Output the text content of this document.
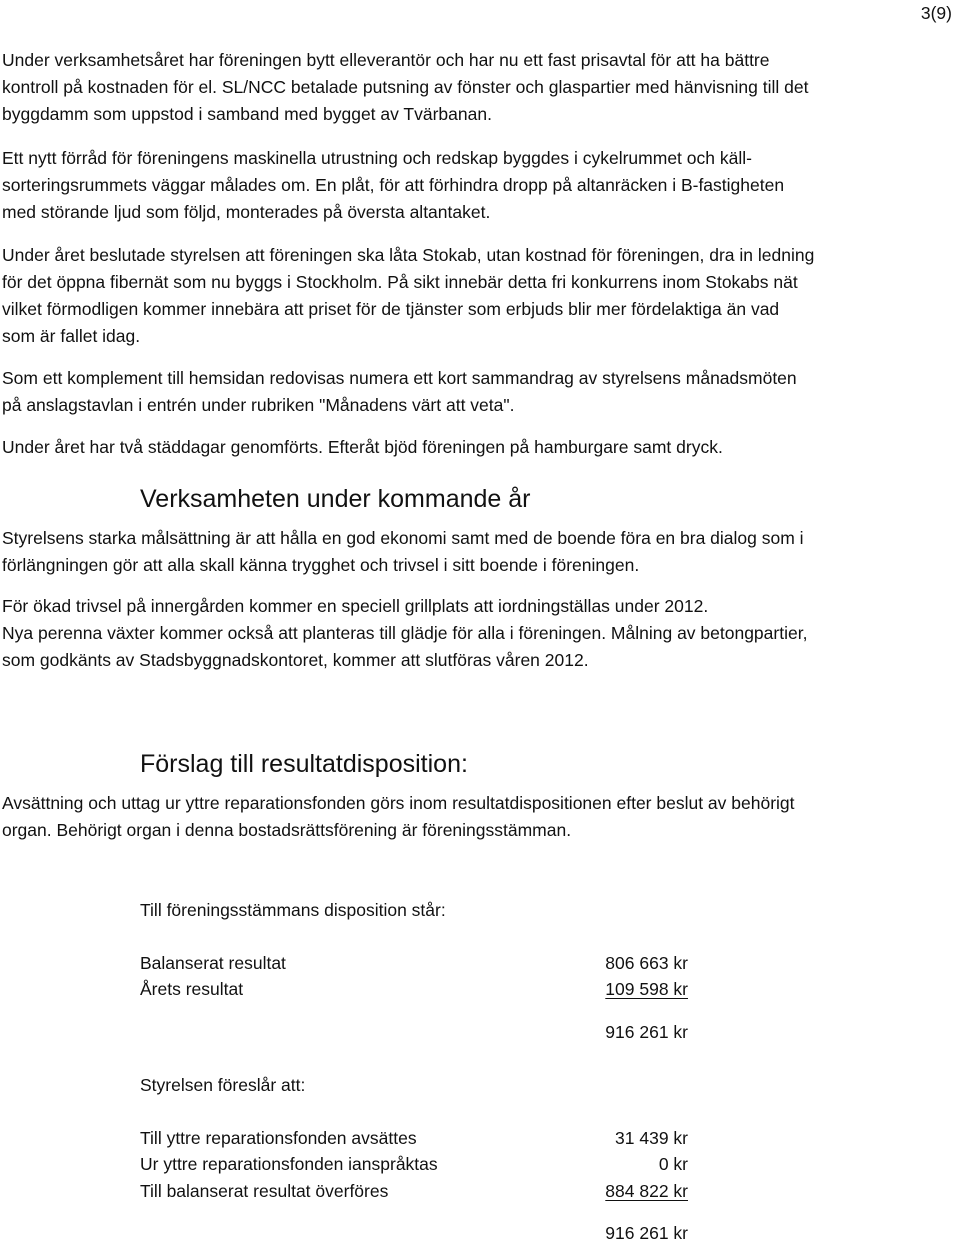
3(9)

Under verksamhetsåret har föreningen bytt elleverantör och har nu ett fast prisavtal för att ha bättre
kontroll på kostnaden för el. SL/NCC betalade putsning av fönster och glaspartier med hänvisning till det
byggdamm som uppstod i samband med bygget av Tvärbanan.

Ett nytt förråd för föreningens maskinella utrustning och redskap byggdes i cykelrummet och käll-
sorteringsrummets väggar målades om. En plåt, för att förhindra dropp på altanräcken i B-fastigheten
med störande ljud som följd, monterades på översta altantaket.

Under året beslutade styrelsen att föreningen ska låta Stokab, utan kostnad för föreningen, dra in ledning
för det öppna fibernät som nu byggs i Stockholm. På sikt innebär detta fri konkurrens inom Stokabs nät
vilket förmodligen kommer innebära att priset för de tjänster som erbjuds blir mer fördelaktiga än vad
som är fallet idag.

Som ett komplement till hemsidan redovisas numera ett kort sammandrag av styrelsens månadsmöten
på anslagstavlan i entrén under rubriken "Månadens värt att veta".

Under året har två städdagar genomförts. Efteråt bjöd föreningen på hamburgare samt dryck.

Verksamheten under kommande år

Styrelsens starka målsättning är att hålla en god ekonomi samt med de boende föra en bra dialog som i
förlängningen gör att alla skall känna trygghet och trivsel i sitt boende i föreningen.

För ökad trivsel på innergården kommer en speciell grillplats att iordningställas under 2012.
Nya perenna växter kommer också att planteras till glädje för alla i föreningen. Målning av betongpartier,
som godkänts av Stadsbyggnadskontoret, kommer att slutföras våren 2012.

Förslag till resultatdisposition:

Avsättning och uttag ur yttre reparationsfonden görs inom resultatdispositionen efter beslut av behörigt
organ. Behörigt organ i denna bostadsrättsförening är föreningsstämman.

Till föreningsstämmans disposition står:
Balanserat resultat	806 663 kr
Årets resultat	109 598 kr
916 261 kr
Styrelsen föreslår att:
Till yttre reparationsfonden avsättes	31 439 kr
Ur yttre reparationsfonden ianspråktas	0 kr
Till balanserat resultat överföres	884 822 kr
916 261 kr
